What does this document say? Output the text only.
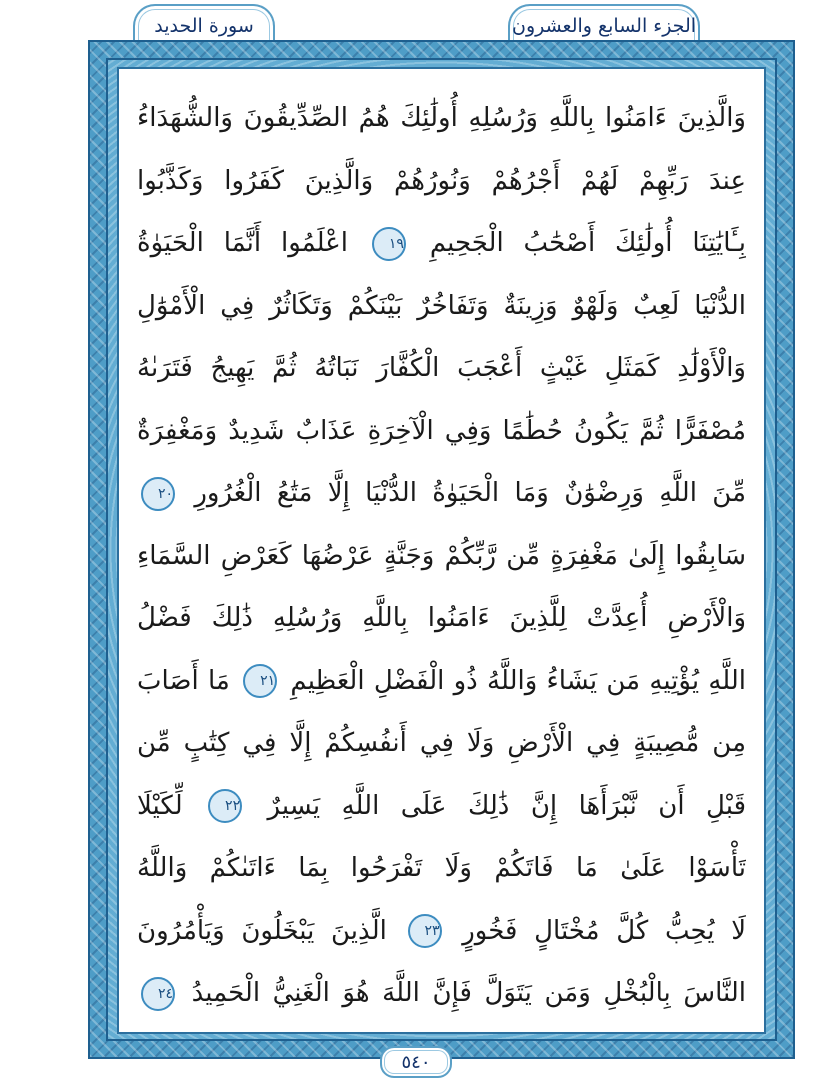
الجزء السابع والعشرون
سورة الحديد
وَالَّذِينَ ءَامَنُوا بِاللَّهِ وَرُسُلِهِ أُولَٰئِكَ هُمُ الصِّدِّيقُونَ وَالشُّهَدَاءُ
عِندَ رَبِّهِمْ لَهُمْ أَجْرُهُمْ وَنُورُهُمْ وَالَّذِينَ كَفَرُوا وَكَذَّبُوا
بِـَٔايَٰتِنَا أُولَٰئِكَ أَصْحَٰبُ الْجَحِيمِ ١٩ اعْلَمُوا أَنَّمَا الْحَيَوٰةُ
الدُّنْيَا لَعِبٌ وَلَهْوٌ وَزِينَةٌ وَتَفَاخُرٌ بَيْنَكُمْ وَتَكَاثُرٌ فِي الْأَمْوَٰلِ
وَالْأَوْلَٰدِ كَمَثَلِ غَيْثٍ أَعْجَبَ الْكُفَّارَ نَبَاتُهُ ثُمَّ يَهِيجُ فَتَرَىٰهُ
مُصْفَرًّا ثُمَّ يَكُونُ حُطَٰمًا وَفِي الْآخِرَةِ عَذَابٌ شَدِيدٌ وَمَغْفِرَةٌ
مِّنَ اللَّهِ وَرِضْوَٰنٌ وَمَا الْحَيَوٰةُ الدُّنْيَا إِلَّا مَتَٰعُ الْغُرُورِ ٢٠
سَابِقُوا إِلَىٰ مَغْفِرَةٍ مِّن رَّبِّكُمْ وَجَنَّةٍ عَرْضُهَا كَعَرْضِ السَّمَاءِ
وَالْأَرْضِ أُعِدَّتْ لِلَّذِينَ ءَامَنُوا بِاللَّهِ وَرُسُلِهِ ذَٰلِكَ فَضْلُ
اللَّهِ يُؤْتِيهِ مَن يَشَاءُ وَاللَّهُ ذُو الْفَضْلِ الْعَظِيمِ ٢١ مَا أَصَابَ
مِن مُّصِيبَةٍ فِي الْأَرْضِ وَلَا فِي أَنفُسِكُمْ إِلَّا فِي كِتَٰبٍ مِّن
قَبْلِ أَن نَّبْرَأَهَا إِنَّ ذَٰلِكَ عَلَى اللَّهِ يَسِيرٌ ٢٢ لِّكَيْلَا
تَأْسَوْا عَلَىٰ مَا فَاتَكُمْ وَلَا تَفْرَحُوا بِمَا ءَاتَىٰكُمْ وَاللَّهُ
لَا يُحِبُّ كُلَّ مُخْتَالٍ فَخُورٍ ٢٣ الَّذِينَ يَبْخَلُونَ وَيَأْمُرُونَ
النَّاسَ بِالْبُخْلِ وَمَن يَتَوَلَّ فَإِنَّ اللَّهَ هُوَ الْغَنِيُّ الْحَمِيدُ ٢٤
٥٤٠
